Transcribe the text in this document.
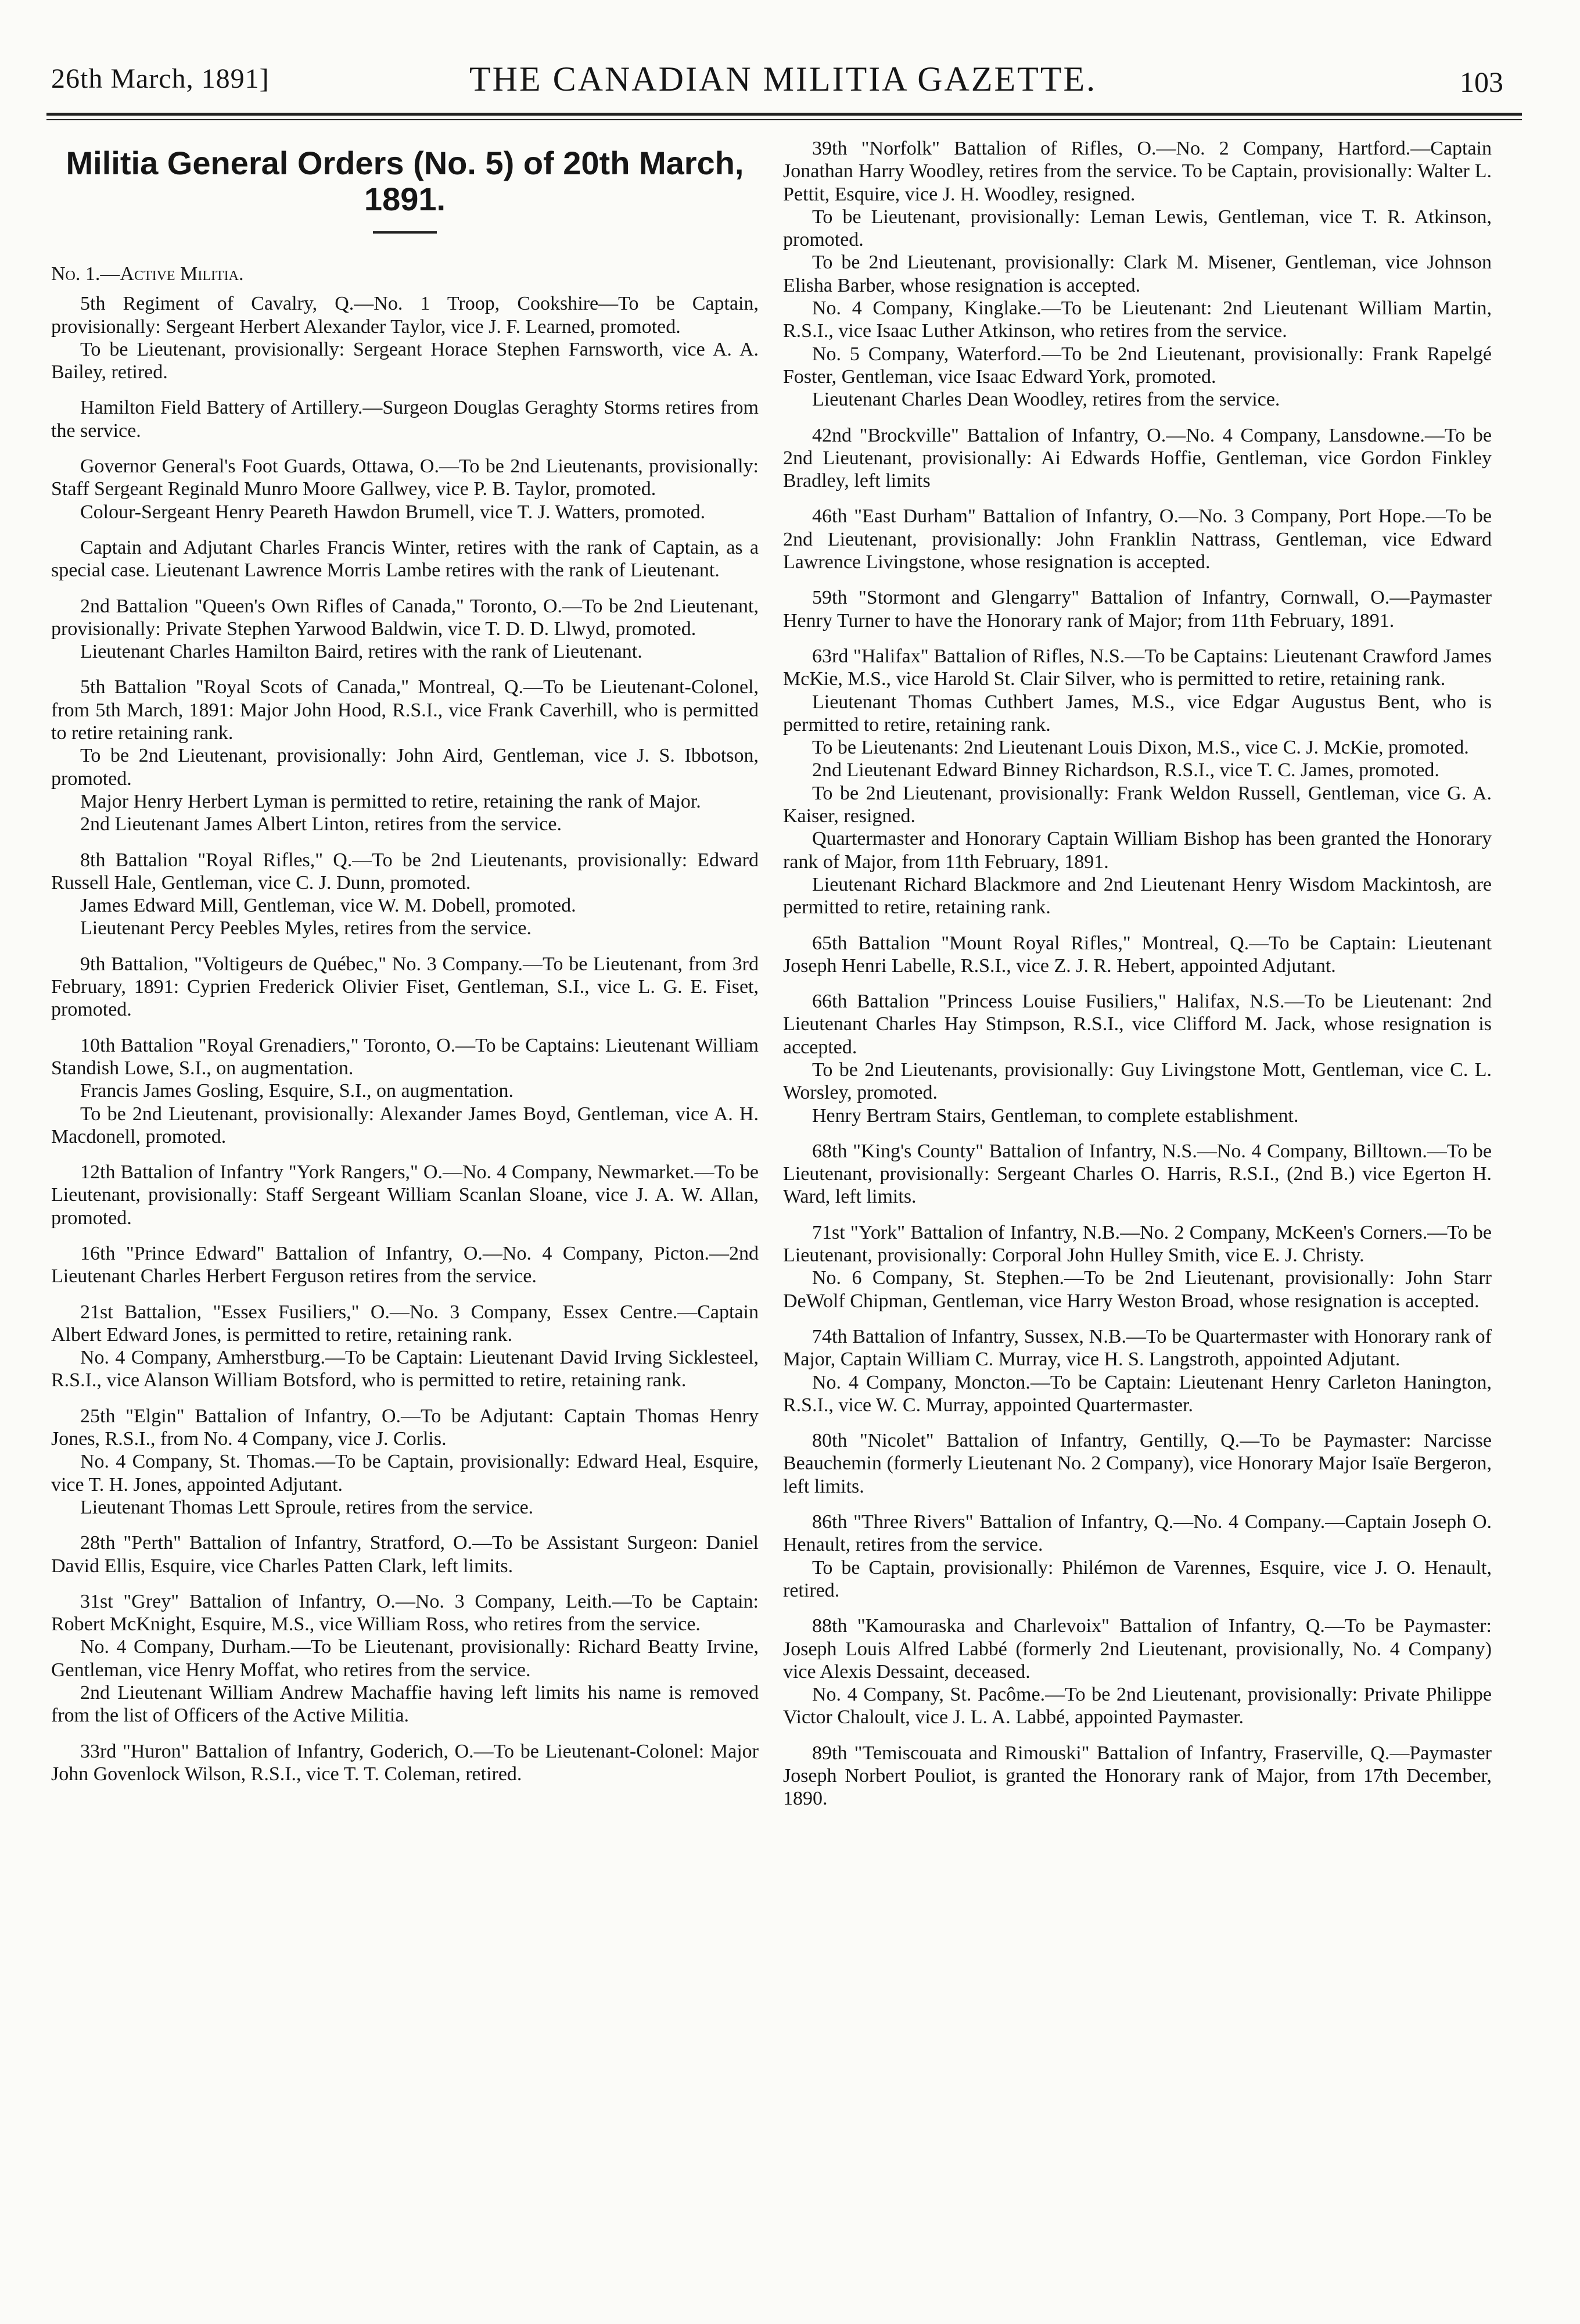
26th March, 1891]	THE CANADIAN MILITIA GAZETTE.	103

Militia General Orders (No. 5) of 20th March, 1891.

No. 1.—Active Militia.

5th Regiment of Cavalry, Q.—No. 1 Troop, Cookshire—To be Captain, provisionally: Sergeant Herbert Alexander Taylor, vice J. F. Learned, promoted.

To be Lieutenant, provisionally: Sergeant Horace Stephen Farnsworth, vice A. A. Bailey, retired.

Hamilton Field Battery of Artillery.—Surgeon Douglas Geraghty Storms retires from the service.

Governor General's Foot Guards, Ottawa, O.—To be 2nd Lieutenants, provisionally: Staff Sergeant Reginald Munro Moore Gallwey, vice P. B. Taylor, promoted.

Colour-Sergeant Henry Peareth Hawdon Brumell, vice T. J. Watters, promoted.

Captain and Adjutant Charles Francis Winter, retires with the rank of Captain, as a special case. Lieutenant Lawrence Morris Lambe retires with the rank of Lieutenant.

2nd Battalion "Queen's Own Rifles of Canada," Toronto, O.—To be 2nd Lieutenant, provisionally: Private Stephen Yarwood Baldwin, vice T. D. D. Llwyd, promoted.

Lieutenant Charles Hamilton Baird, retires with the rank of Lieutenant.

5th Battalion "Royal Scots of Canada," Montreal, Q.—To be Lieutenant-Colonel, from 5th March, 1891: Major John Hood, R.S.I., vice Frank Caverhill, who is permitted to retire retaining rank.

To be 2nd Lieutenant, provisionally: John Aird, Gentleman, vice J. S. Ibbotson, promoted.

Major Henry Herbert Lyman is permitted to retire, retaining the rank of Major.

2nd Lieutenant James Albert Linton, retires from the service.

8th Battalion "Royal Rifles," Q.—To be 2nd Lieutenants, provisionally: Edward Russell Hale, Gentleman, vice C. J. Dunn, promoted.

James Edward Mill, Gentleman, vice W. M. Dobell, promoted.

Lieutenant Percy Peebles Myles, retires from the service.

9th Battalion, "Voltigeurs de Québec," No. 3 Company.—To be Lieutenant, from 3rd February, 1891: Cyprien Frederick Olivier Fiset, Gentleman, S.I., vice L. G. E. Fiset, promoted.

10th Battalion "Royal Grenadiers," Toronto, O.—To be Captains: Lieutenant William Standish Lowe, S.I., on augmentation.

Francis James Gosling, Esquire, S.I., on augmentation.

To be 2nd Lieutenant, provisionally: Alexander James Boyd, Gentleman, vice A. H. Macdonell, promoted.

12th Battalion of Infantry "York Rangers," O.—No. 4 Company, Newmarket.—To be Lieutenant, provisionally: Staff Sergeant William Scanlan Sloane, vice J. A. W. Allan, promoted.

16th "Prince Edward" Battalion of Infantry, O.—No. 4 Company, Picton.—2nd Lieutenant Charles Herbert Ferguson retires from the service.

21st Battalion, "Essex Fusiliers," O.—No. 3 Company, Essex Centre.—Captain Albert Edward Jones, is permitted to retire, retaining rank.

No. 4 Company, Amherstburg.—To be Captain: Lieutenant David Irving Sicklesteel, R.S.I., vice Alanson William Botsford, who is permitted to retire, retaining rank.

25th "Elgin" Battalion of Infantry, O.—To be Adjutant: Captain Thomas Henry Jones, R.S.I., from No. 4 Company, vice J. Corlis.

No. 4 Company, St. Thomas.—To be Captain, provisionally: Edward Heal, Esquire, vice T. H. Jones, appointed Adjutant.

Lieutenant Thomas Lett Sproule, retires from the service.

28th "Perth" Battalion of Infantry, Stratford, O.—To be Assistant Surgeon: Daniel David Ellis, Esquire, vice Charles Patten Clark, left limits.

31st "Grey" Battalion of Infantry, O.—No. 3 Company, Leith.—To be Captain: Robert McKnight, Esquire, M.S., vice William Ross, who retires from the service.

No. 4 Company, Durham.—To be Lieutenant, provisionally: Richard Beatty Irvine, Gentleman, vice Henry Moffat, who retires from the service.

2nd Lieutenant William Andrew Machaffie having left limits his name is removed from the list of Officers of the Active Militia.

33rd "Huron" Battalion of Infantry, Goderich, O.—To be Lieutenant-Colonel: Major John Govenlock Wilson, R.S.I., vice T. T. Coleman, retired.

39th "Norfolk" Battalion of Rifles, O.—No. 2 Company, Hartford.—Captain Jonathan Harry Woodley, retires from the service. To be Captain, provisionally: Walter L. Pettit, Esquire, vice J. H. Woodley, resigned.

To be Lieutenant, provisionally: Leman Lewis, Gentleman, vice T. R. Atkinson, promoted.

To be 2nd Lieutenant, provisionally: Clark M. Misener, Gentleman, vice Johnson Elisha Barber, whose resignation is accepted.

No. 4 Company, Kinglake.—To be Lieutenant: 2nd Lieutenant William Martin, R.S.I., vice Isaac Luther Atkinson, who retires from the service.

No. 5 Company, Waterford.—To be 2nd Lieutenant, provisionally: Frank Rapelgé Foster, Gentleman, vice Isaac Edward York, promoted.

Lieutenant Charles Dean Woodley, retires from the service.

42nd "Brockville" Battalion of Infantry, O.—No. 4 Company, Lansdowne.—To be 2nd Lieutenant, provisionally: Ai Edwards Hoffie, Gentleman, vice Gordon Finkley Bradley, left limits

46th "East Durham" Battalion of Infantry, O.—No. 3 Company, Port Hope.—To be 2nd Lieutenant, provisionally: John Franklin Nattrass, Gentleman, vice Edward Lawrence Livingstone, whose resignation is accepted.

59th "Stormont and Glengarry" Battalion of Infantry, Cornwall, O.—Paymaster Henry Turner to have the Honorary rank of Major; from 11th February, 1891.

63rd "Halifax" Battalion of Rifles, N.S.—To be Captains: Lieutenant Crawford James McKie, M.S., vice Harold St. Clair Silver, who is permitted to retire, retaining rank.

Lieutenant Thomas Cuthbert James, M.S., vice Edgar Augustus Bent, who is permitted to retire, retaining rank.

To be Lieutenants: 2nd Lieutenant Louis Dixon, M.S., vice C. J. McKie, promoted.

2nd Lieutenant Edward Binney Richardson, R.S.I., vice T. C. James, promoted.

To be 2nd Lieutenant, provisionally: Frank Weldon Russell, Gentleman, vice G. A. Kaiser, resigned.

Quartermaster and Honorary Captain William Bishop has been granted the Honorary rank of Major, from 11th February, 1891.

Lieutenant Richard Blackmore and 2nd Lieutenant Henry Wisdom Mackintosh, are permitted to retire, retaining rank.

65th Battalion "Mount Royal Rifles," Montreal, Q.—To be Captain: Lieutenant Joseph Henri Labelle, R.S.I., vice Z. J. R. Hebert, appointed Adjutant.

66th Battalion "Princess Louise Fusiliers," Halifax, N.S.—To be Lieutenant: 2nd Lieutenant Charles Hay Stimpson, R.S.I., vice Clifford M. Jack, whose resignation is accepted.

To be 2nd Lieutenants, provisionally: Guy Livingstone Mott, Gentleman, vice C. L. Worsley, promoted.

Henry Bertram Stairs, Gentleman, to complete establishment.

68th "King's County" Battalion of Infantry, N.S.—No. 4 Company, Billtown.—To be Lieutenant, provisionally: Sergeant Charles O. Harris, R.S.I., (2nd B.) vice Egerton H. Ward, left limits.

71st "York" Battalion of Infantry, N.B.—No. 2 Company, McKeen's Corners.—To be Lieutenant, provisionally: Corporal John Hulley Smith, vice E. J. Christy.

No. 6 Company, St. Stephen.—To be 2nd Lieutenant, provisionally: John Starr DeWolf Chipman, Gentleman, vice Harry Weston Broad, whose resignation is accepted.

74th Battalion of Infantry, Sussex, N.B.—To be Quartermaster with Honorary rank of Major, Captain William C. Murray, vice H. S. Langstroth, appointed Adjutant.

No. 4 Company, Moncton.—To be Captain: Lieutenant Henry Carleton Hanington, R.S.I., vice W. C. Murray, appointed Quartermaster.

80th "Nicolet" Battalion of Infantry, Gentilly, Q.—To be Paymaster: Narcisse Beauchemin (formerly Lieutenant No. 2 Company), vice Honorary Major Isaïe Bergeron, left limits.

86th "Three Rivers" Battalion of Infantry, Q.—No. 4 Company.—Captain Joseph O. Henault, retires from the service.

To be Captain, provisionally: Philémon de Varennes, Esquire, vice J. O. Henault, retired.

88th "Kamouraska and Charlevoix" Battalion of Infantry, Q.—To be Paymaster: Joseph Louis Alfred Labbé (formerly 2nd Lieutenant, provisionally, No. 4 Company) vice Alexis Dessaint, deceased.

No. 4 Company, St. Pacôme.—To be 2nd Lieutenant, provisionally: Private Philippe Victor Chaloult, vice J. L. A. Labbé, appointed Paymaster.

89th "Temiscouata and Rimouski" Battalion of Infantry, Fraserville, Q.—Paymaster Joseph Norbert Pouliot, is granted the Honorary rank of Major, from 17th December, 1890.
